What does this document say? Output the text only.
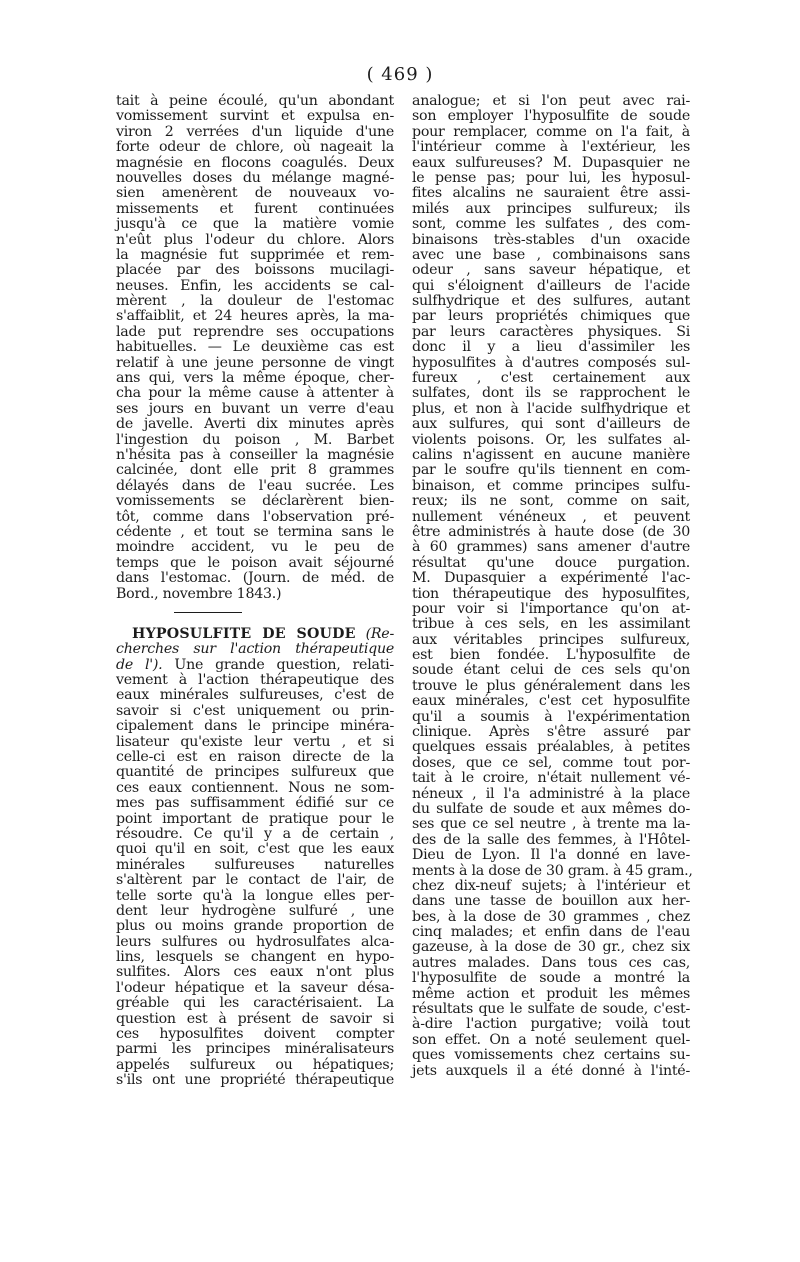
( 469 )
tait à peine écoulé, qu'un abondant
vomissement survint et expulsa en-
viron 2 verrées d'un liquide d'une
forte odeur de chlore, où nageait la
magnésie en flocons coagulés. Deux
nouvelles doses du mélange magné-
sien amenèrent de nouveaux vo-
missements et furent continuées
jusqu'à ce que la matière vomie
n'eût plus l'odeur du chlore. Alors
la magnésie fut supprimée et rem-
placée par des boissons mucilagi-
neuses. Enfin, les accidents se cal-
mèrent , la douleur de l'estomac
s'affaiblit, et 24 heures après, la ma-
lade put reprendre ses occupations
habituelles. — Le deuxième cas est
relatif à une jeune personne de vingt
ans qui, vers la même époque, cher-
cha pour la même cause à attenter à
ses jours en buvant un verre d'eau
de javelle. Averti dix minutes après
l'ingestion du poison , M. Barbet
n'hésita pas à conseiller la magnésie
calcinée, dont elle prit 8 grammes
délayés dans de l'eau sucrée. Les
vomissements se déclarèrent bien-
tôt, comme dans l'observation pré-
cédente , et tout se termina sans le
moindre accident, vu le peu de
temps que le poison avait séjourné
dans l'estomac. (Journ. de méd. de
Bord., novembre 1843.)
HYPOSULFITE DE SOUDE (Re-
cherches sur l'action thérapeutique
de l'). Une grande question, relati-
vement à l'action thérapeutique des
eaux minérales sulfureuses, c'est de
savoir si c'est uniquement ou prin-
cipalement dans le principe minéra-
lisateur qu'existe leur vertu , et si
celle-ci est en raison directe de la
quantité de principes sulfureux que
ces eaux contiennent. Nous ne som-
mes pas suffisamment édifié sur ce
point important de pratique pour le
résoudre. Ce qu'il y a de certain ,
quoi qu'il en soit, c'est que les eaux
minérales sulfureuses naturelles
s'altèrent par le contact de l'air, de
telle sorte qu'à la longue elles per-
dent leur hydrogène sulfuré , une
plus ou moins grande proportion de
leurs sulfures ou hydrosulfates alca-
lins, lesquels se changent en hypo-
sulfites. Alors ces eaux n'ont plus
l'odeur hépatique et la saveur désa-
gréable qui les caractérisaient. La
question est à présent de savoir si
ces hyposulfites doivent compter
parmi les principes minéralisateurs
appelés sulfureux ou hépatiques;
s'ils ont une propriété thérapeutique
analogue; et si l'on peut avec rai-
son employer l'hyposulfite de soude
pour remplacer, comme on l'a fait, à
l'intérieur comme à l'extérieur, les
eaux sulfureuses? M. Dupasquier ne
le pense pas; pour lui, les hyposul-
fites alcalins ne sauraient être assi-
milés aux principes sulfureux; ils
sont, comme les sulfates , des com-
binaisons très-stables d'un oxacide
avec une base , combinaisons sans
odeur , sans saveur hépatique, et
qui s'éloignent d'ailleurs de l'acide
sulfhydrique et des sulfures, autant
par leurs propriétés chimiques que
par leurs caractères physiques. Si
donc il y a lieu d'assimiler les
hyposulfites à d'autres composés sul-
fureux , c'est certainement aux
sulfates, dont ils se rapprochent le
plus, et non à l'acide sulfhydrique et
aux sulfures, qui sont d'ailleurs de
violents poisons. Or, les sulfates al-
calins n'agissent en aucune manière
par le soufre qu'ils tiennent en com-
binaison, et comme principes sulfu-
reux; ils ne sont, comme on sait,
nullement vénéneux , et peuvent
être administrés à haute dose (de 30
à 60 grammes) sans amener d'autre
résultat qu'une douce purgation.
M. Dupasquier a expérimenté l'ac-
tion thérapeutique des hyposulfites,
pour voir si l'importance qu'on at-
tribue à ces sels, en les assimilant
aux véritables principes sulfureux,
est bien fondée. L'hyposulfite de
soude étant celui de ces sels qu'on
trouve le plus généralement dans les
eaux minérales, c'est cet hyposulfite
qu'il a soumis à l'expérimentation
clinique. Après s'être assuré par
quelques essais préalables, à petites
doses, que ce sel, comme tout por-
tait à le croire, n'était nullement vé-
néneux , il l'a administré à la place
du sulfate de soude et aux mêmes do-
ses que ce sel neutre , à trente ma la-
des de la salle des femmes, à l'Hôtel-
Dieu de Lyon. Il l'a donné en lave-
ments à la dose de 30 gram. à 45 gram.,
chez dix-neuf sujets; à l'intérieur et
dans une tasse de bouillon aux her-
bes, à la dose de 30 grammes , chez
cinq malades; et enfin dans de l'eau
gazeuse, à la dose de 30 gr., chez six
autres malades. Dans tous ces cas,
l'hyposulfite de soude a montré la
même action et produit les mêmes
résultats que le sulfate de soude, c'est-
à-dire l'action purgative; voilà tout
son effet. On a noté seulement quel-
ques vomissements chez certains su-
jets auxquels il a été donné à l'inté-
